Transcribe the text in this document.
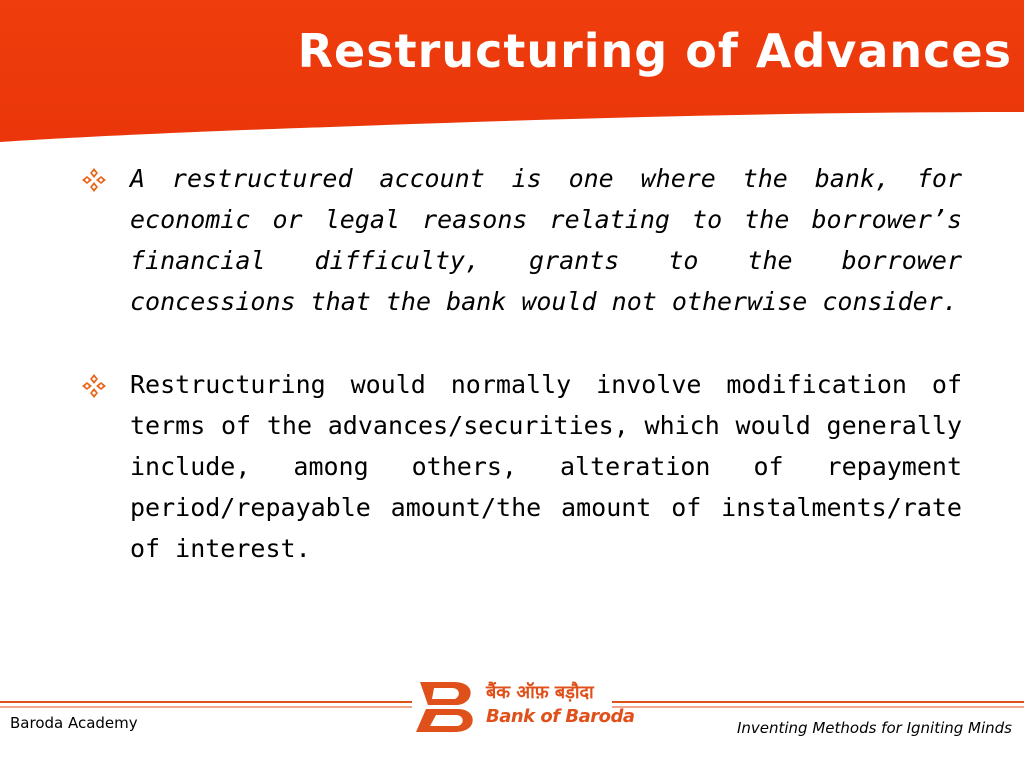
Restructuring of Advances

A restructured account is one where the bank, for economic or legal reasons relating to the borrower’s financial difficulty, grants to the borrower concessions that the bank would not otherwise consider.

Restructuring would normally involve modification of terms of the advances/securities, which would generally include, among others, alteration of repayment period/repayable amount/the amount of instalments/rate of interest.

बैंक ऑफ़ बड़ौदा
Bank of Baroda
Baroda Academy	Inventing Methods for Igniting Minds
